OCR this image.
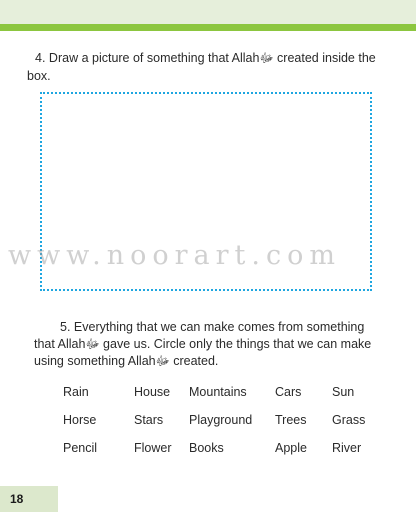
4. Draw a picture of something that Allahﷻ created inside the box.
www.noorart.com
5. Everything that we can make comes from something that Allahﷻ gave us. Circle only the things that we can make using something Allahﷻ created.
Rain	House Mountains Cars Sun
Horse	Stars Playground Trees Grass
Pencil	Flower Books	Apple River
18
